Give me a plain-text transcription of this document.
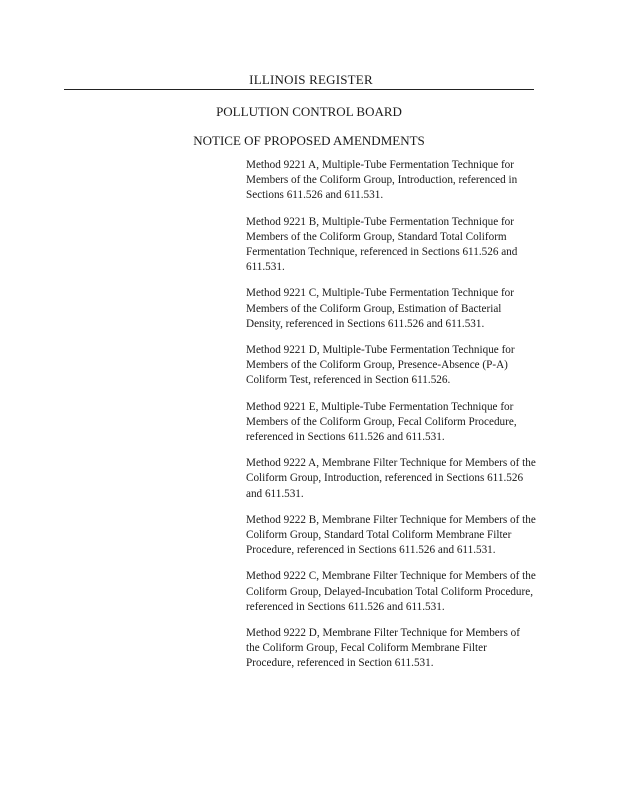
ILLINOIS REGISTER
POLLUTION CONTROL BOARD
NOTICE OF PROPOSED AMENDMENTS

Method 9221 A, Multiple-Tube Fermentation Technique for Members of the Coliform Group, Introduction, referenced in Sections 611.526 and 611.531.

Method 9221 B, Multiple-Tube Fermentation Technique for Members of the Coliform Group, Standard Total Coliform Fermentation Technique, referenced in Sections 611.526 and 611.531.

Method 9221 C, Multiple-Tube Fermentation Technique for Members of the Coliform Group, Estimation of Bacterial Density, referenced in Sections 611.526 and 611.531.

Method 9221 D, Multiple-Tube Fermentation Technique for Members of the Coliform Group, Presence-Absence (P-A) Coliform Test, referenced in Section 611.526.

Method 9221 E, Multiple-Tube Fermentation Technique for Members of the Coliform Group, Fecal Coliform Procedure, referenced in Sections 611.526 and 611.531.

Method 9222 A, Membrane Filter Technique for Members of the Coliform Group, Introduction, referenced in Sections 611.526 and 611.531.

Method 9222 B, Membrane Filter Technique for Members of the Coliform Group, Standard Total Coliform Membrane Filter Procedure, referenced in Sections 611.526 and 611.531.

Method 9222 C, Membrane Filter Technique for Members of the Coliform Group, Delayed-Incubation Total Coliform Procedure, referenced in Sections 611.526 and 611.531.

Method 9222 D, Membrane Filter Technique for Members of the Coliform Group, Fecal Coliform Membrane Filter Procedure, referenced in Section 611.531.
